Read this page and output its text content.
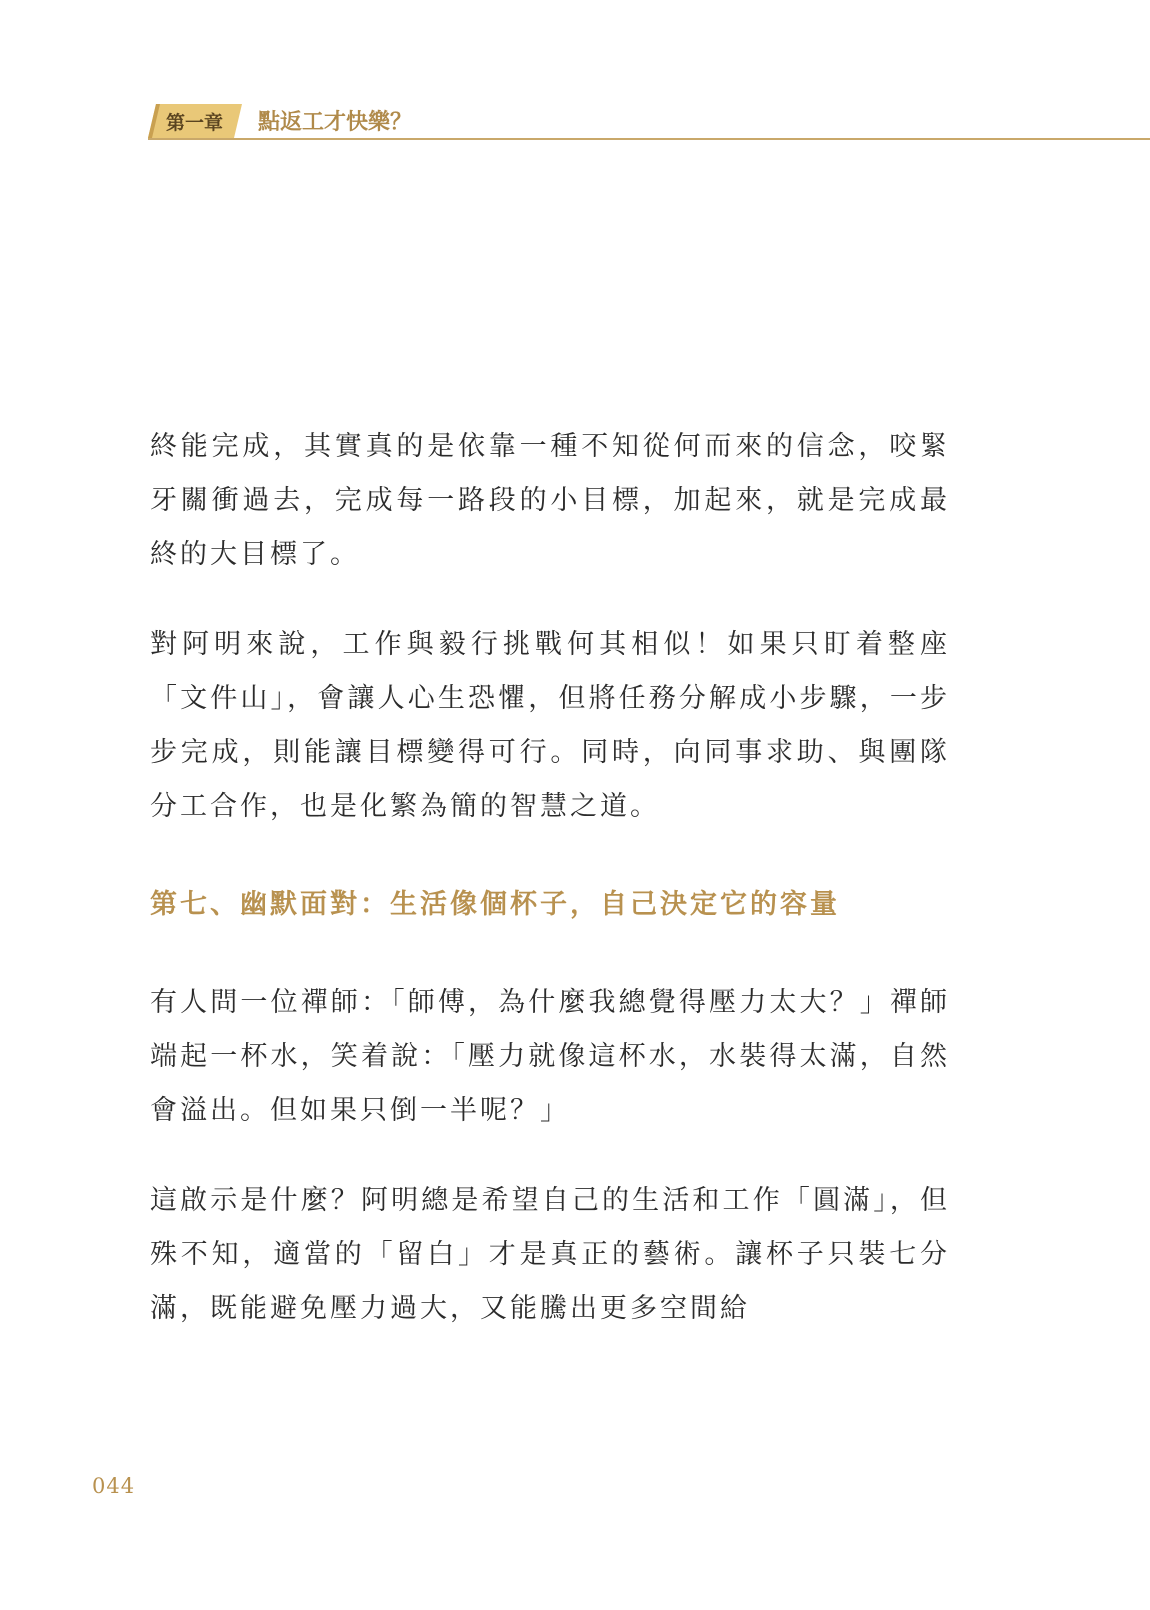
第一章 點返工才快樂？

終能完成，其實真的是依靠一種不知從何而來的信念，咬緊牙關衝過去，完成每一路段的小目標，加起來，就是完成最終的大目標了。

對阿明來說，工作與毅行挑戰何其相似！如果只盯着整座「文件山」，會讓人心生恐懼，但將任務分解成小步驟，一步步完成，則能讓目標變得可行。同時，向同事求助、與團隊分工合作，也是化繁為簡的智慧之道。

第七、幽默面對：生活像個杯子，自己決定它的容量

有人問一位禪師：「師傅，為什麼我總覺得壓力太大？」禪師端起一杯水，笑着說：「壓力就像這杯水，水裝得太滿，自然會溢出。但如果只倒一半呢？」

這啟示是什麼？阿明總是希望自己的生活和工作「圓滿」，但殊不知，適當的「留白」才是真正的藝術。讓杯子只裝七分滿，既能避免壓力過大，又能騰出更多空間給

044
